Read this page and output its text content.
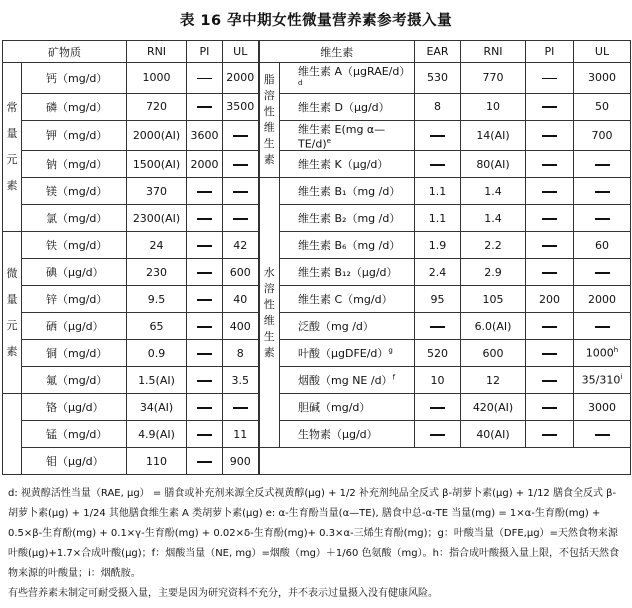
表 16 孕中期女性微量营养素参考摄入量
矿物质		RNI	PI	UL	维生素		EAR	RNI	PI	UL
常量元素	钙（mg/d）	1000		2000	脂溶性维生素	维生素 A（μgRAE/d）$^d$	530	770		3000
	磷（mg/d）	720		3500		维生素 D（μg/d）	8	10		50
	钾（mg/d）	2000(AI)	3600			维生素 E(mg α—TE/d)$^e$		14(AI)		700
	钠（mg/d）	1500(AI)	2000			维生素 K（μg/d）		80(AI)		
	镁（mg/d）	370			水溶性维生素	维生素 B₁（mg /d）	1.1	1.4		
	氯（mg/d）	2300(AI)				维生素 B₂（mg /d）	1.1	1.4		
微量元素	铁（mg/d）	24		42		维生素 B₆（mg /d）	1.9	2.2		60
	碘（μg/d）	230		600		维生素 B₁₂（μg/d）	2.4	2.9		
	锌（mg/d）	9.5		40		维生素 C（mg/d）	95	105	200	2000
	硒（μg/d）	65		400		泛酸（mg /d）		6.0(AI)		
	铜（mg/d）	0.9		8		叶酸（μgDFE/d）$^g$	520	600		1000$^h$
	氟（mg/d）	1.5(AI)		3.5		烟酸（mg NE /d）$^f$	10	12		35/310$^i$
	铬（μg/d）	34(AI)				胆碱（mg/d）		420(AI)		3000
	锰（mg/d）	4.9(AI)		11		生物素（μg/d）		40(AI)		
	钼（μg/d）	110		900						

d: 视黄醇活性当量（RAE, μg） = 膳食或补充剂来源全反式视黄醇(μg) + 1/2 补充剂纯品全反式 β-胡萝卜素(μg) + 1/12 膳食全反式 β-胡萝卜素(μg) + 1/24 其他膳食维生素 A 类胡萝卜素(μg) e: α-生育酚当量(α—TE), 膳食中总-α-TE 当量(mg) = 1×α-生育酚(mg) + 0.5×β-生育酚(mg) + 0.1×γ-生育酚(mg) + 0.02×δ-生育酚(mg)+ 0.3×α-三烯生育酚(mg)；g：叶酸当量（DFE,μg）=天然食物来源叶酸(μg)+1.7×合成叶酸(μg)；f：烟酸当量（NE, mg）=烟酸（mg）＋1/60 色氨酸（mg）。h：指合成叶酸摄入量上限，不包括天然食物来源的叶酸量；i：烟酰胺。

有些营养素未制定可耐受摄入量，主要是因为研究资料不充分，并不表示过量摄入没有健康风险。
